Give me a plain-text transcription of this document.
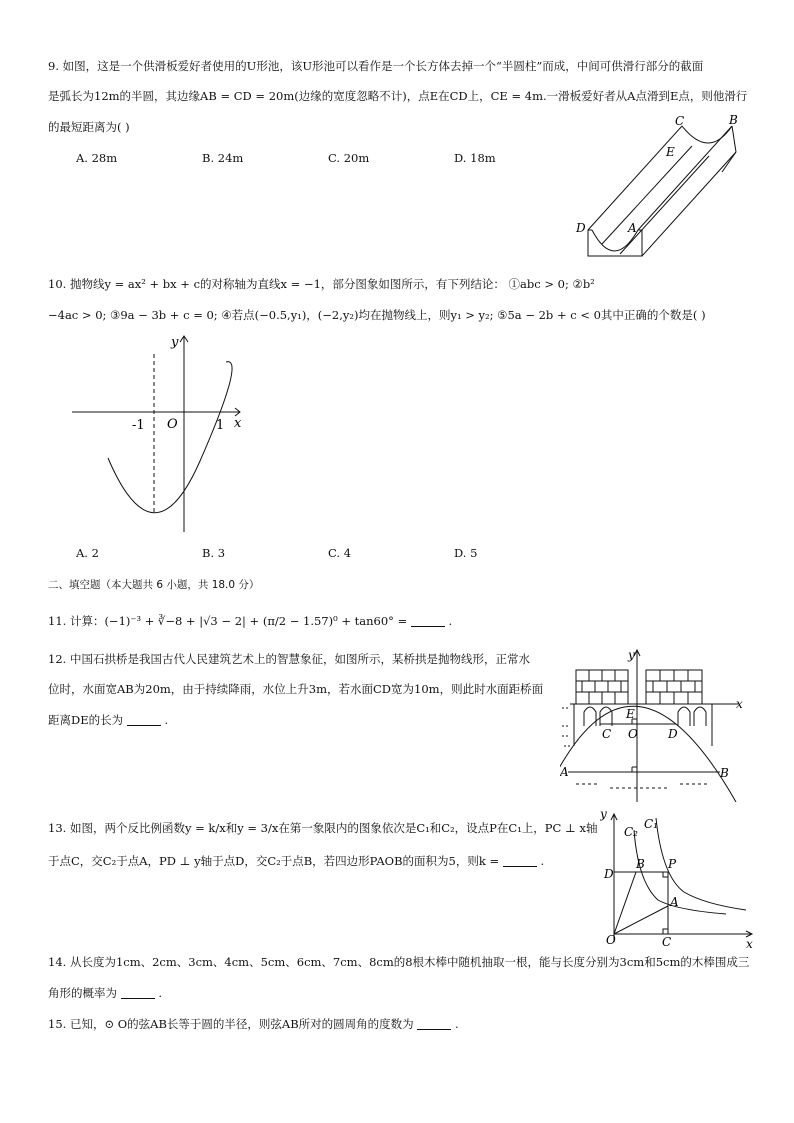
9. 如图，这是一个供滑板爱好者使用的U形池，该U形池可以看作是一个长方体去掉一个“半圆柱”而成，中间可供滑行部分的截面
是弧长为12m的半圆，其边缘AB = CD = 20m(边缘的宽度忽略不计)，点E在CD上，CE = 4m.一滑板爱好者从A点滑到E点，则他滑行
的最短距离为( )
A. 28m	B. 24m	C. 20m	D. 18m
C	B
E
D	A
10. 抛物线y = ax² + bx + c的对称轴为直线x = −1，部分图象如图所示，有下列结论： ①abc > 0; ②b²
−4ac > 0; ③9a − 3b + c = 0; ④若点(−0.5,y₁)，(−2,y₂)均在抛物线上，则y₁ > y₂; ⑤5a − 2b + c < 0其中正确的个数是( )
y
x
O
-1	1
A. 2	B. 3	C. 4	D. 5
二、填空题（本大题共 6 小题，共 18.0 分）
11. 计算：(−1)⁻³ + ∛−8 + |√3 − 2| + (π/2 − 1.57)⁰ + tan60° =	.
12. 中国石拱桥是我国古代人民建筑艺术上的智慧象征，如图所示，某桥拱是抛物线形，正常水
位时，水面宽AB为20m，由于持续降雨，水位上升3m，若水面CD宽为10m，则此时水面距桥面
距离DE的长为	.
y
x
E
C O	D
A	B
13. 如图，两个反比例函数y = k/x和y = 3/x在第一象限内的图象依次是C₁和C₂，设点P在C₁上，PC ⊥ x轴
于点C，交C₂于点A，PD ⊥ y轴于点D，交C₂于点B，若四边形PAOB的面积为5，则k =	.
y
x
C₂
C₁
B P
D
A
O	C
14. 从长度为1cm、2cm、3cm、4cm、5cm、6cm、7cm、8cm的8根木棒中随机抽取一根，能与长度分别为3cm和5cm的木棒围成三
角形的概率为	.
15. 已知，⊙ O的弦AB长等于圆的半径，则弦AB所对的圆周角的度数为	.
